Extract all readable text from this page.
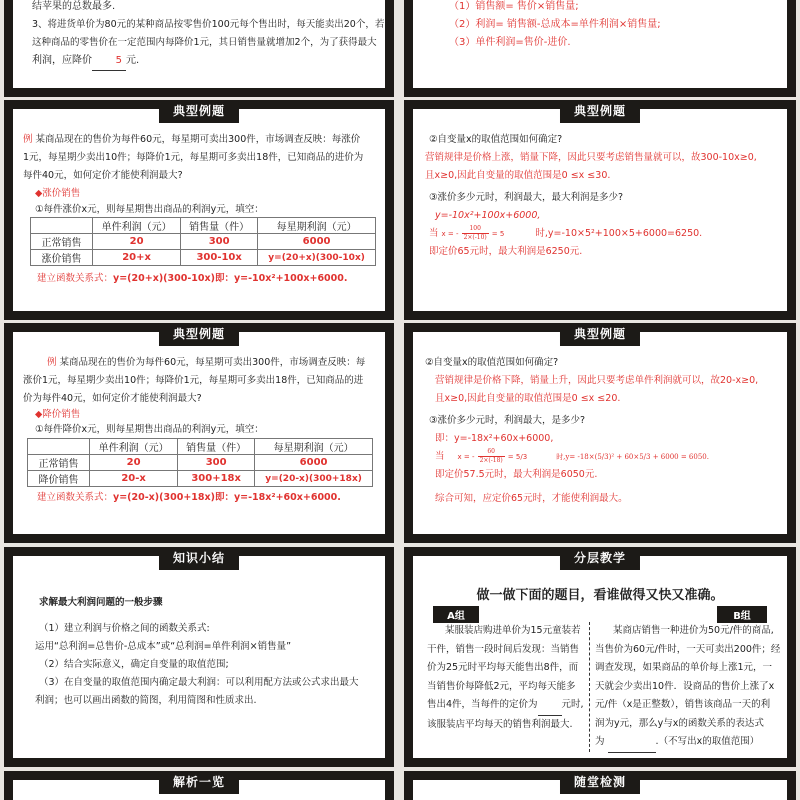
结苹果的总数最多.
3、将进货单价为80元的某种商品按零售价100元每个售出时，每天能卖出20个，若
这种商品的零售价在一定范围内每降价1元，其日销售量就增加2个，为了获得最大
利润，应降价 5 元.
（1）销售额= 售价×销售量;
（2）利润= 销售额-总成本=单件利润×销售量;
（3）单件利润=售价-进价.
典型例题
例 某商品现在的售价为每件60元，每星期可卖出300件，市场调查反映：每涨价
1元，每星期少卖出10件；每降价1元，每星期可多卖出18件，已知商品的进价为
每件40元，如何定价才能使利润最大?
◆涨价销售
①每件涨价x元，则每星期售出商品的利润y元，填空：
	单件利润（元）	销售量（件）	每星期利润（元）
正常销售	20	300	6000
涨价销售	20+x	300-10x	y=(20+x)(300-10x)
建立函数关系式：y=(20+x)(300-10x)即：y=-10x²+100x+6000.
典型例题
②自变量x的取值范围如何确定?
营销规律是价格上涨，销量下降，因此只要考虑销售量就可以，故300-10x≥0,
且x≥0,因此自变量的取值范围是0 ≤x ≤30.
③涨价多少元时，利润最大，最大利润是多少?
y=-10x²+100x+6000,
当 x = - $\frac{100}{2\times(-10)} = 5$	时,y=-10×5²+100×5+6000=6250.
即定价65元时，最大利润是6250元.
典型例题
例 某商品现在的售价为每件60元，每星期可卖出300件，市场调查反映：每
涨价1元，每星期少卖出10件；每降价1元，每星期可多卖出18件，已知商品的进
价为每件40元，如何定价才能使利润最大?
◆降价销售
①每件降价x元，则每星期售出商品的利润y元，填空：
	单件利润（元）	销售量（件）	每星期利润（元）
正常销售	20	300	6000
降价销售	20-x	300+18x	y=(20-x)(300+18x)
建立函数关系式：y=(20-x)(300+18x)即：y=-18x²+60x+6000.
典型例题
②自变量x的取值范围如何确定?
营销规律是价格下降，销量上升，因此只要考虑单件利润就可以，故20-x≥0,
且x≥0,因此自变量的取值范围是0 ≤x ≤20.
③涨价多少元时，利润最大，是多少?
即：y=-18x²+60x+6000,
当 x = - $\frac{60}{2\times(-18)} = 5/3$	时,y= -18×(5/3)² + 60×5/3 + 6000 = 6050.
即定价57.5元时，最大利润是6050元.
综合可知，应定价65元时，才能使利润最大。
知识小结
求解最大利润问题的一般步骤
（1）建立利润与价格之间的函数关系式:
运用“总利润=总售价-总成本”或“总利润=单件利润×销售量”
（2）结合实际意义，确定自变量的取值范围;
（3）在自变量的取值范围内确定最大利润：可以利用配方法或公式求出最大
利润；也可以画出函数的简图，利用简图和性质求出.
分层教学
做一做下面的题目，看谁做得又快又准确。
A组	B组
某服装店购进单价为15元童装若
干件，销售一段时间后发现：当销售
价为25元时平均每天能售出8件，而
当销售价每降低2元，平均每天能多
售出4件，当每件的定价为	元时,
该服装店平均每天的销售利润最大.
某商店销售一种进价为50元/件的商品,
当售价为60元/件时，一天可卖出200件；经
调查发现，如果商品的单价每上涨1元，一
天就会少卖出10件．设商品的售价上涨了x
元/件（x是正整数），销售该商品一天的利
润为y元，那么y与x的函数关系的表达式
为	.（不写出x的取值范围）
解析一览	随堂检测
